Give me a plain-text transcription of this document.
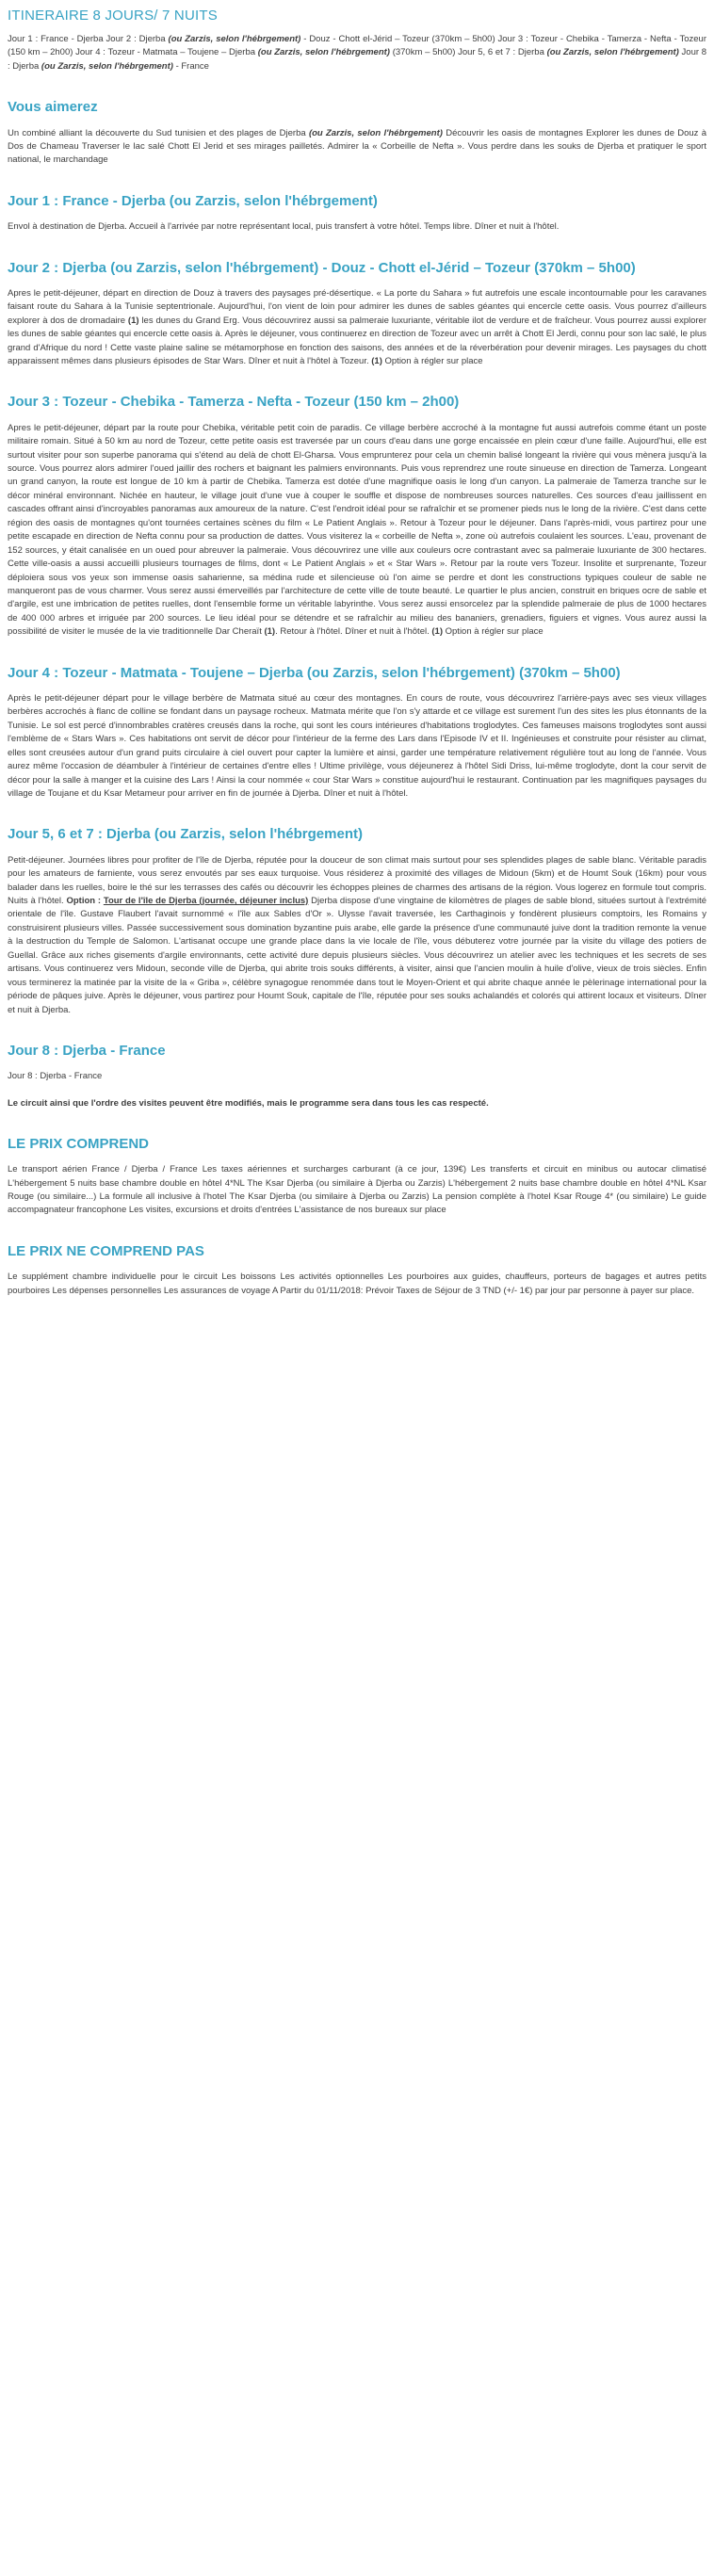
ITINERAIRE 8 JOURS/ 7 NUITS
Jour 1 : France - Djerba Jour 2 : Djerba (ou Zarzis, selon l'hébrgement) - Douz - Chott el-Jérid – Tozeur (370km – 5h00) Jour 3 : Tozeur - Chebika - Tamerza - Nefta - Tozeur (150 km – 2h00) Jour 4 : Tozeur - Matmata – Toujene – Djerba (ou Zarzis, selon l'hébrgement) (370km – 5h00) Jour 5, 6 et 7 : Djerba (ou Zarzis, selon l'hébrgement) Jour 8 : Djerba (ou Zarzis, selon l'hébrgement) - France
Vous aimerez

Un combiné alliant la découverte du Sud tunisien et des plages de Djerba (ou Zarzis, selon l'hébrgement) Découvrir les oasis de montagnes Explorer les dunes de Douz à Dos de Chameau Traverser le lac salé Chott El Jerid et ses mirages pailletés. Admirer la « Corbeille de Nefta ». Vous perdre dans les souks de Djerba et pratiquer le sport national, le marchandage

Jour 1 : France - Djerba (ou Zarzis, selon l'hébrgement)

Envol à destination de Djerba. Accueil à l'arrivée par notre représentant local, puis transfert à votre hôtel. Temps libre. Dîner et nuit à l'hôtel.

Jour 2 : Djerba (ou Zarzis, selon l'hébrgement) - Douz - Chott el-Jérid – Tozeur (370km – 5h00)

Apres le petit-déjeuner, départ en direction de Douz à travers des paysages pré-désertique. « La porte du Sahara » fut autrefois une escale incontournable pour les caravanes faisant route du Sahara à la Tunisie septentrionale. Aujourd'hui, l'on vient de loin pour admirer les dunes de sables géantes qui encercle cette oasis. Vous pourrez d'ailleurs explorer à dos de dromadaire (1) les dunes du Grand Erg. Vous découvrirez aussi sa palmeraie luxuriante, véritable ilot de verdure et de fraîcheur. Vous pourrez aussi explorer les dunes de sable géantes qui encercle cette oasis à. Après le déjeuner, vous continuerez en direction de Tozeur avec un arrêt à Chott El Jerdi, connu pour son lac salé, le plus grand d'Afrique du nord ! Cette vaste plaine saline se métamorphose en fonction des saisons, des années et de la réverbération pour devenir mirages. Les paysages du chott apparaissent mêmes dans plusieurs épisodes de Star Wars. Dîner et nuit à l'hôtel à Tozeur. (1) Option à régler sur place

Jour 3 : Tozeur - Chebika - Tamerza - Nefta - Tozeur (150 km – 2h00)

Apres le petit-déjeuner, départ par la route pour Chebika, véritable petit coin de paradis. Ce village berbère accroché à la montagne fut aussi autrefois comme étant un poste militaire romain. Situé à 50 km au nord de Tozeur, cette petite oasis est traversée par un cours d'eau dans une gorge encaissée en plein cœur d'une faille. Aujourd'hui, elle est surtout visiter pour son superbe panorama qui s'étend au delà de chott El-Gharsa. Vous emprunterez pour cela un chemin balisé longeant la rivière qui vous mènera jusqu'à la source. Vous pourrez alors admirer l'oued jaillir des rochers et baignant les palmiers environnants. Puis vous reprendrez une route sinueuse en direction de Tamerza. Longeant un grand canyon, la route est longue de 10 km à partir de Chebika. Tamerza est dotée d'une magnifique oasis le long d'un canyon. La palmeraie de Tamerza tranche sur le décor minéral environnant. Nichée en hauteur, le village jouit d'une vue à couper le souffle et dispose de nombreuses sources naturelles. Ces sources d'eau jaillissent en cascades offrant ainsi d'incroyables panoramas aux amoureux de la nature. C'est l'endroit idéal pour se rafraîchir et se promener pieds nus le long de la rivière. C'est dans cette région des oasis de montagnes qu'ont tournées certaines scènes du film « Le Patient Anglais ». Retour à Tozeur pour le déjeuner. Dans l'après-midi, vous partirez pour une petite escapade en direction de Nefta connu pour sa production de dattes. Vous visiterez la « corbeille de Nefta », zone où autrefois coulaient les sources. L'eau, provenant de 152 sources, y était canalisée en un oued pour abreuver la palmeraie. Vous découvrirez une ville aux couleurs ocre contrastant avec sa palmeraie luxuriante de 300 hectares. Cette ville-oasis a aussi accueilli plusieurs tournages de films, dont « Le Patient Anglais » et « Star Wars ». Retour par la route vers Tozeur. Insolite et surprenante, Tozeur déploiera sous vos yeux son immense oasis saharienne, sa médina rude et silencieuse où l'on aime se perdre et dont les constructions typiques couleur de sable ne manqueront pas de vous charmer. Vous serez aussi émerveillés par l'architecture de cette ville de toute beauté. Le quartier le plus ancien, construit en briques ocre de sable et d'argile, est une imbrication de petites ruelles, dont l'ensemble forme un véritable labyrinthe. Vous serez aussi ensorcelez par la splendide palmeraie de plus de 1000 hectares de 400 000 arbres et irriguée par 200 sources. Le lieu idéal pour se détendre et se rafraîchir au milieu des bananiers, grenadiers, figuiers et vignes. Vous aurez aussi la possibilité de visiter le musée de la vie traditionnelle Dar Cheraït (1). Retour à l'hôtel. Dîner et nuit à l'hôtel. (1) Option à régler sur place

Jour 4 : Tozeur - Matmata - Toujene – Djerba (ou Zarzis, selon l'hébrgement) (370km – 5h00)

Après le petit-déjeuner départ pour le village berbère de Matmata situé au cœur des montagnes. En cours de route, vous découvrirez l'arrière-pays avec ses vieux villages berbères accrochés à flanc de colline se fondant dans un paysage rocheux. Matmata mérite que l'on s'y attarde et ce village est surement l'un des sites les plus étonnants de la Tunisie. Le sol est percé d'innombrables cratères creusés dans la roche, qui sont les cours intérieures d'habitations troglodytes. Ces fameuses maisons troglodytes sont aussi l'emblème de « Stars Wars ». Ces habitations ont servit de décor pour l'intérieur de la ferme des Lars dans l'Episode IV et II. Ingénieuses et construite pour résister au climat, elles sont creusées autour d'un grand puits circulaire à ciel ouvert pour capter la lumière et ainsi, garder une température relativement régulière tout au long de l'année. Vous aurez même l'occasion de déambuler à l'intérieur de certaines d'entre elles ! Ultime privilège, vous déjeunerez à l'hôtel Sidi Driss, lui-même troglodyte, dont la cour servit de décor pour la salle à manger et la cuisine des Lars ! Ainsi la cour nommée « cour Star Wars » constitue aujourd'hui le restaurant. Continuation par les magnifiques paysages du village de Toujane et du Ksar Metameur pour arriver en fin de journée à Djerba. Dîner et nuit à l'hôtel.

Jour 5, 6 et 7 : Djerba (ou Zarzis, selon l'hébrgement)

Petit-déjeuner. Journées libres pour profiter de l'île de Djerba, réputée pour la douceur de son climat mais surtout pour ses splendides plages de sable blanc. Véritable paradis pour les amateurs de farniente, vous serez envoutés par ses eaux turquoise. Vous résiderez à proximité des villages de Midoun (5km) et de Houmt Souk (16km) pour vous balader dans les ruelles, boire le thé sur les terrasses des cafés ou découvrir les échoppes pleines de charmes des artisans de la région. Vous logerez en formule tout compris. Nuits à l'hôtel. Option : Tour de l'île de Djerba (journée, déjeuner inclus) Djerba dispose d'une vingtaine de kilomètres de plages de sable blond, situées surtout à l'extrémité orientale de l'île. Gustave Flaubert l'avait surnommé « l'île aux Sables d'Or ». Ulysse l'avait traversée, les Carthaginois y fondèrent plusieurs comptoirs, les Romains y construisirent plusieurs villes. Passée successivement sous domination byzantine puis arabe, elle garde la présence d'une communauté juive dont la tradition remonte la venue à la destruction du Temple de Salomon. L'artisanat occupe une grande place dans la vie locale de l'île, vous débuterez votre journée par la visite du village des potiers de Guellal. Grâce aux riches gisements d'argile environnants, cette activité dure depuis plusieurs siècles. Vous découvrirez un atelier avec les techniques et les secrets de ses artisans. Vous continuerez vers Midoun, seconde ville de Djerba, qui abrite trois souks différents, à visiter, ainsi que l'ancien moulin à huile d'olive, vieux de trois siècles. Enfin vous terminerez la matinée par la visite de la « Griba », célèbre synagogue renommée dans tout le Moyen-Orient et qui abrite chaque année le pèlerinage international pour la période de pâques juive. Après le déjeuner, vous partirez pour Houmt Souk, capitale de l'île, réputée pour ses souks achalandés et colorés qui attirent locaux et visiteurs. Dîner et nuit à Djerba.

Jour 8 : Djerba - France

Jour 8 : Djerba - France

Le circuit ainsi que l'ordre des visites peuvent être modifiés, mais le programme sera dans tous les cas respecté.

LE PRIX COMPREND

Le transport aérien France / Djerba / France Les taxes aériennes et surcharges carburant (à ce jour, 139€) Les transferts et circuit en minibus ou autocar climatisé L'hébergement 5 nuits base chambre double en hôtel 4*NL The Ksar Djerba (ou similaire à Djerba ou Zarzis) L'hébergement 2 nuits base chambre double en hôtel 4*NL Ksar Rouge (ou similaire...) La formule all inclusive à l'hotel The Ksar Djerba (ou similaire à Djerba ou Zarzis) La pension complète à l'hotel Ksar Rouge 4* (ou similaire) Le guide accompagnateur francophone Les visites, excursions et droits d'entrées L'assistance de nos bureaux sur place

LE PRIX NE COMPREND PAS

Le supplément chambre individuelle pour le circuit Les boissons Les activités optionnelles Les pourboires aux guides, chauffeurs, porteurs de bagages et autres petits pourboires Les dépenses personnelles Les assurances de voyage A Partir du 01/11/2018: Prévoir Taxes de Séjour de 3 TND (+/- 1€) par jour par personne à payer sur place.
